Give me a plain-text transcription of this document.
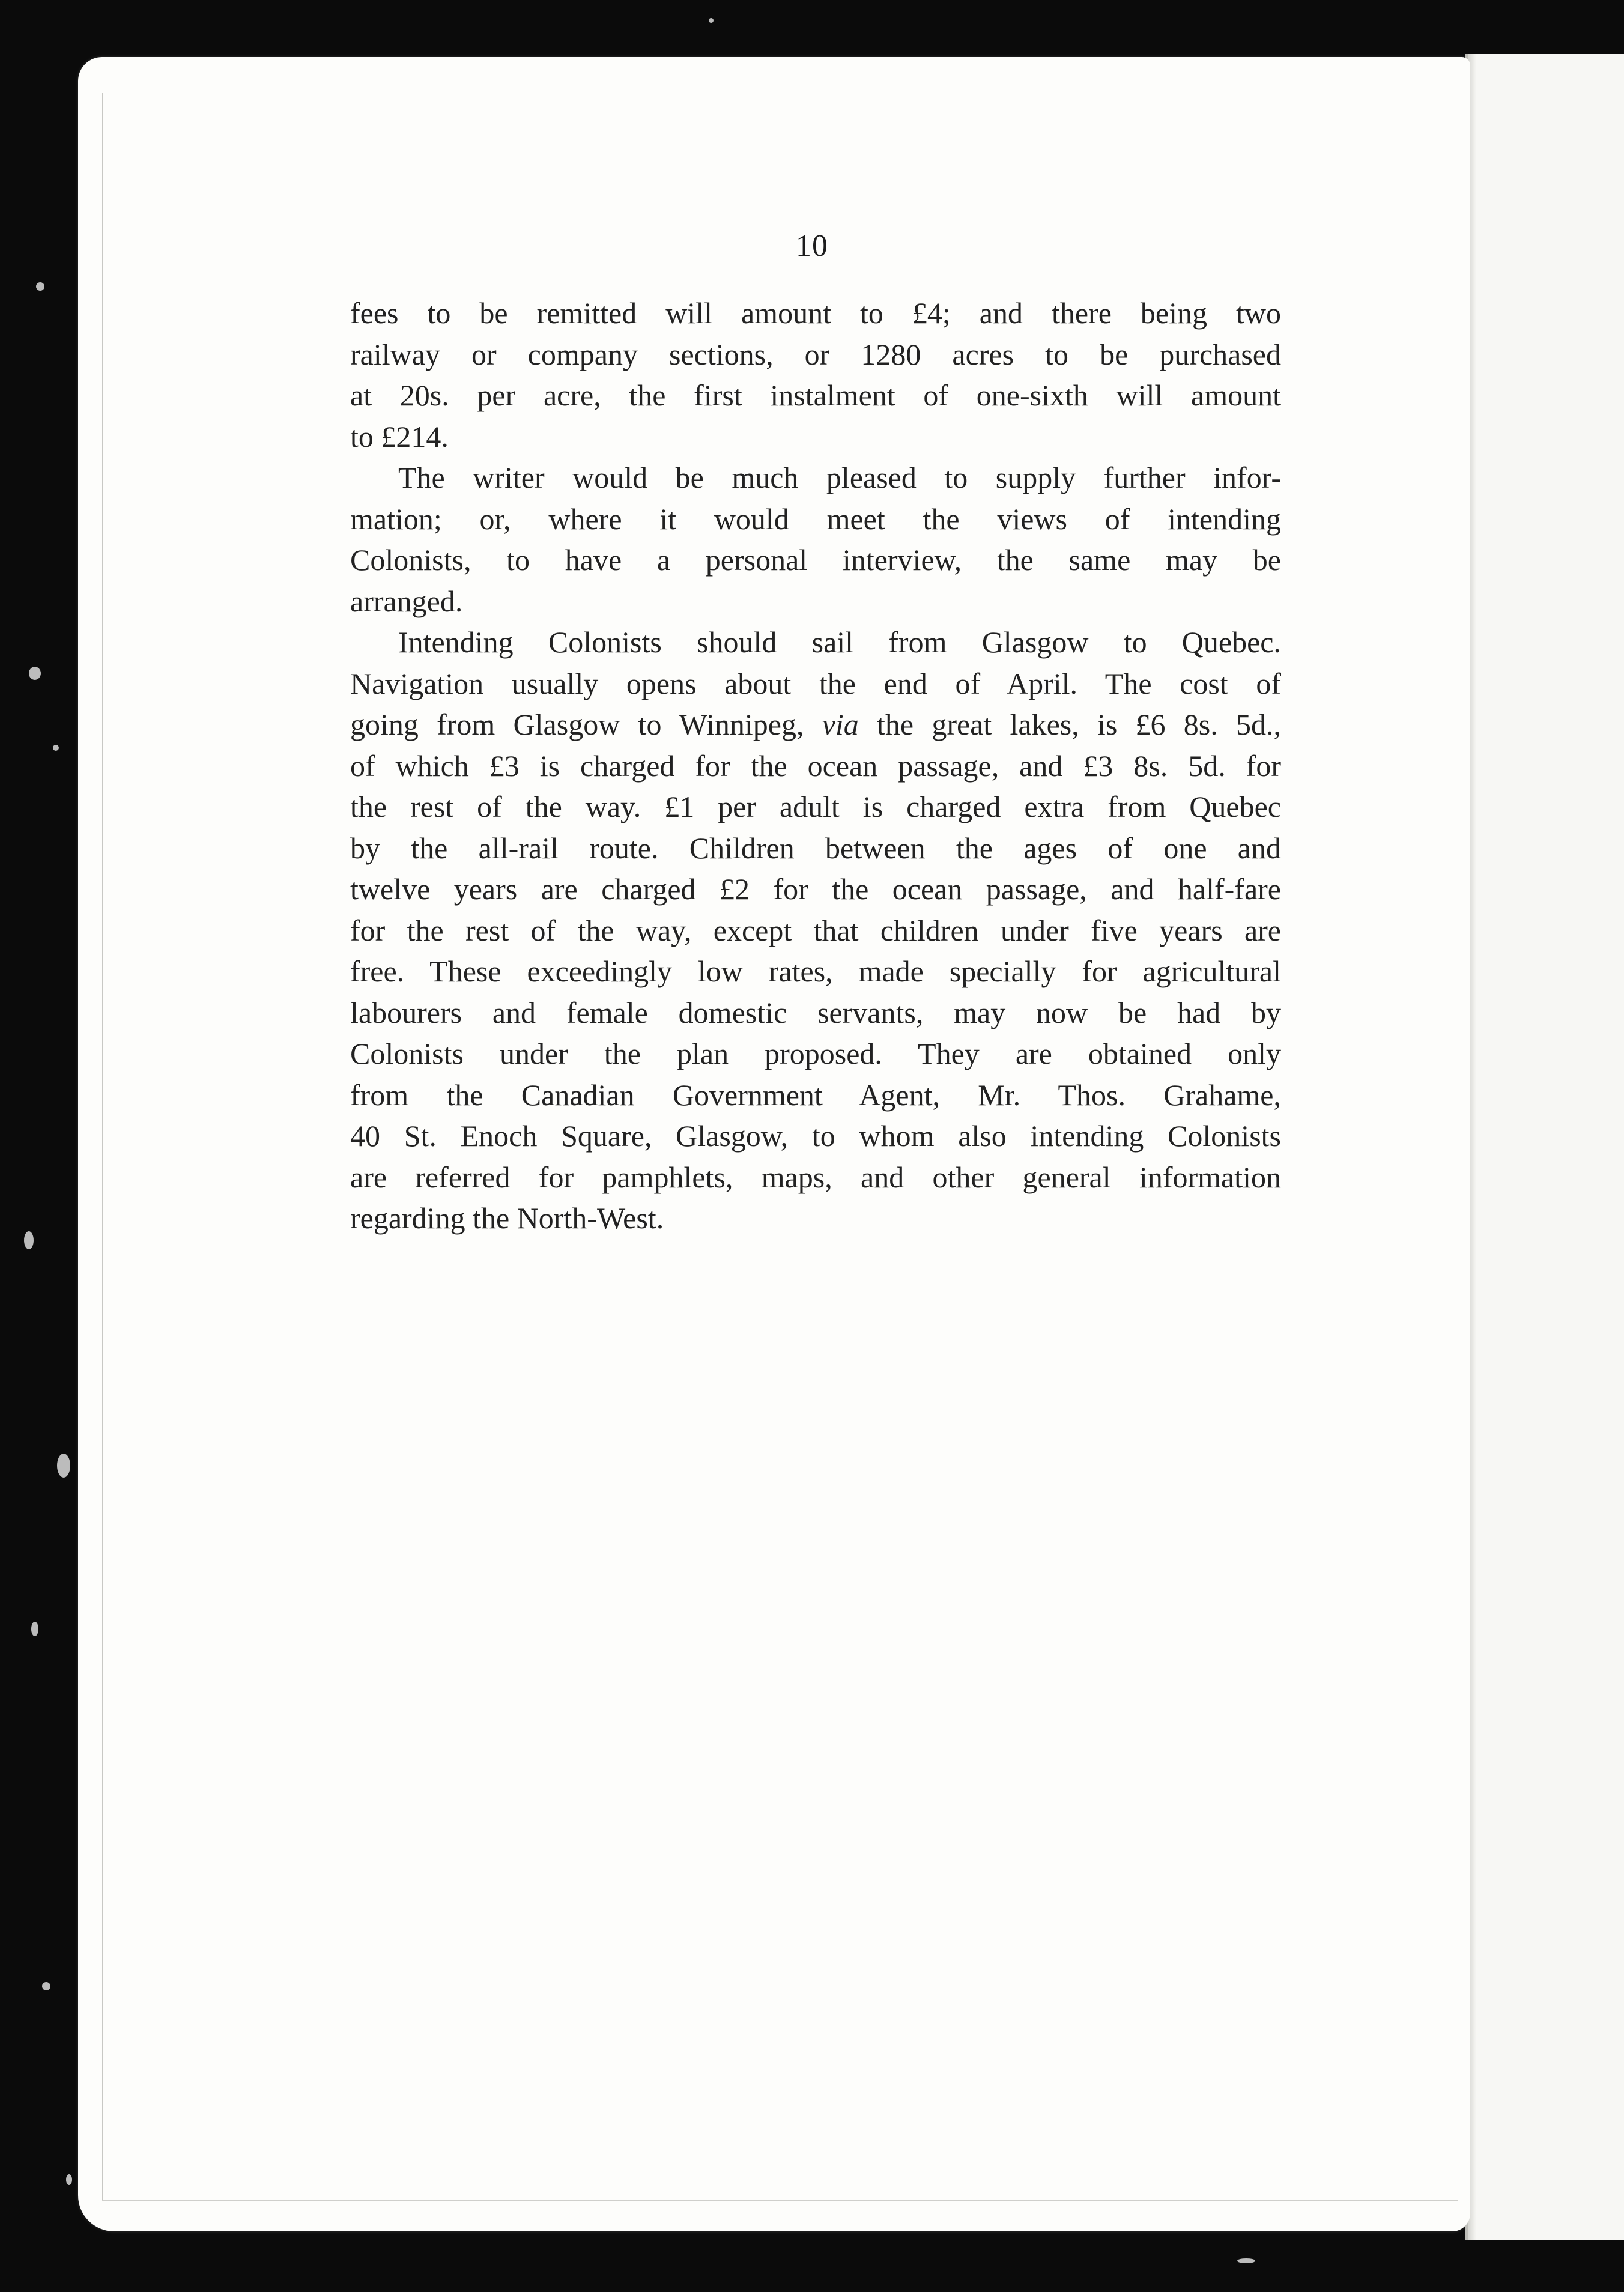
10
fees to be remitted will amount to £4; and there being two
railway or company sections, or 1280 acres to be purchased
at 20s. per acre, the first instalment of one-sixth will amount
to £214.
The writer would be much pleased to supply further infor-
mation; or, where it would meet the views of intending
Colonists, to have a personal interview, the same may be
arranged.
Intending Colonists should sail from Glasgow to Quebec.
Navigation usually opens about the end of April. The cost of
going from Glasgow to Winnipeg, via the great lakes, is £6 8s. 5d.,
of which £3 is charged for the ocean passage, and £3 8s. 5d. for
the rest of the way. £1 per adult is charged extra from Quebec
by the all-rail route. Children between the ages of one and
twelve years are charged £2 for the ocean passage, and half-fare
for the rest of the way, except that children under five years are
free. These exceedingly low rates, made specially for agricultural
labourers and female domestic servants, may now be had by
Colonists under the plan proposed. They are obtained only
from the Canadian Government Agent, Mr. Thos. Grahame,
40 St. Enoch Square, Glasgow, to whom also intending Colonists
are referred for pamphlets, maps, and other general information
regarding the North-West.
